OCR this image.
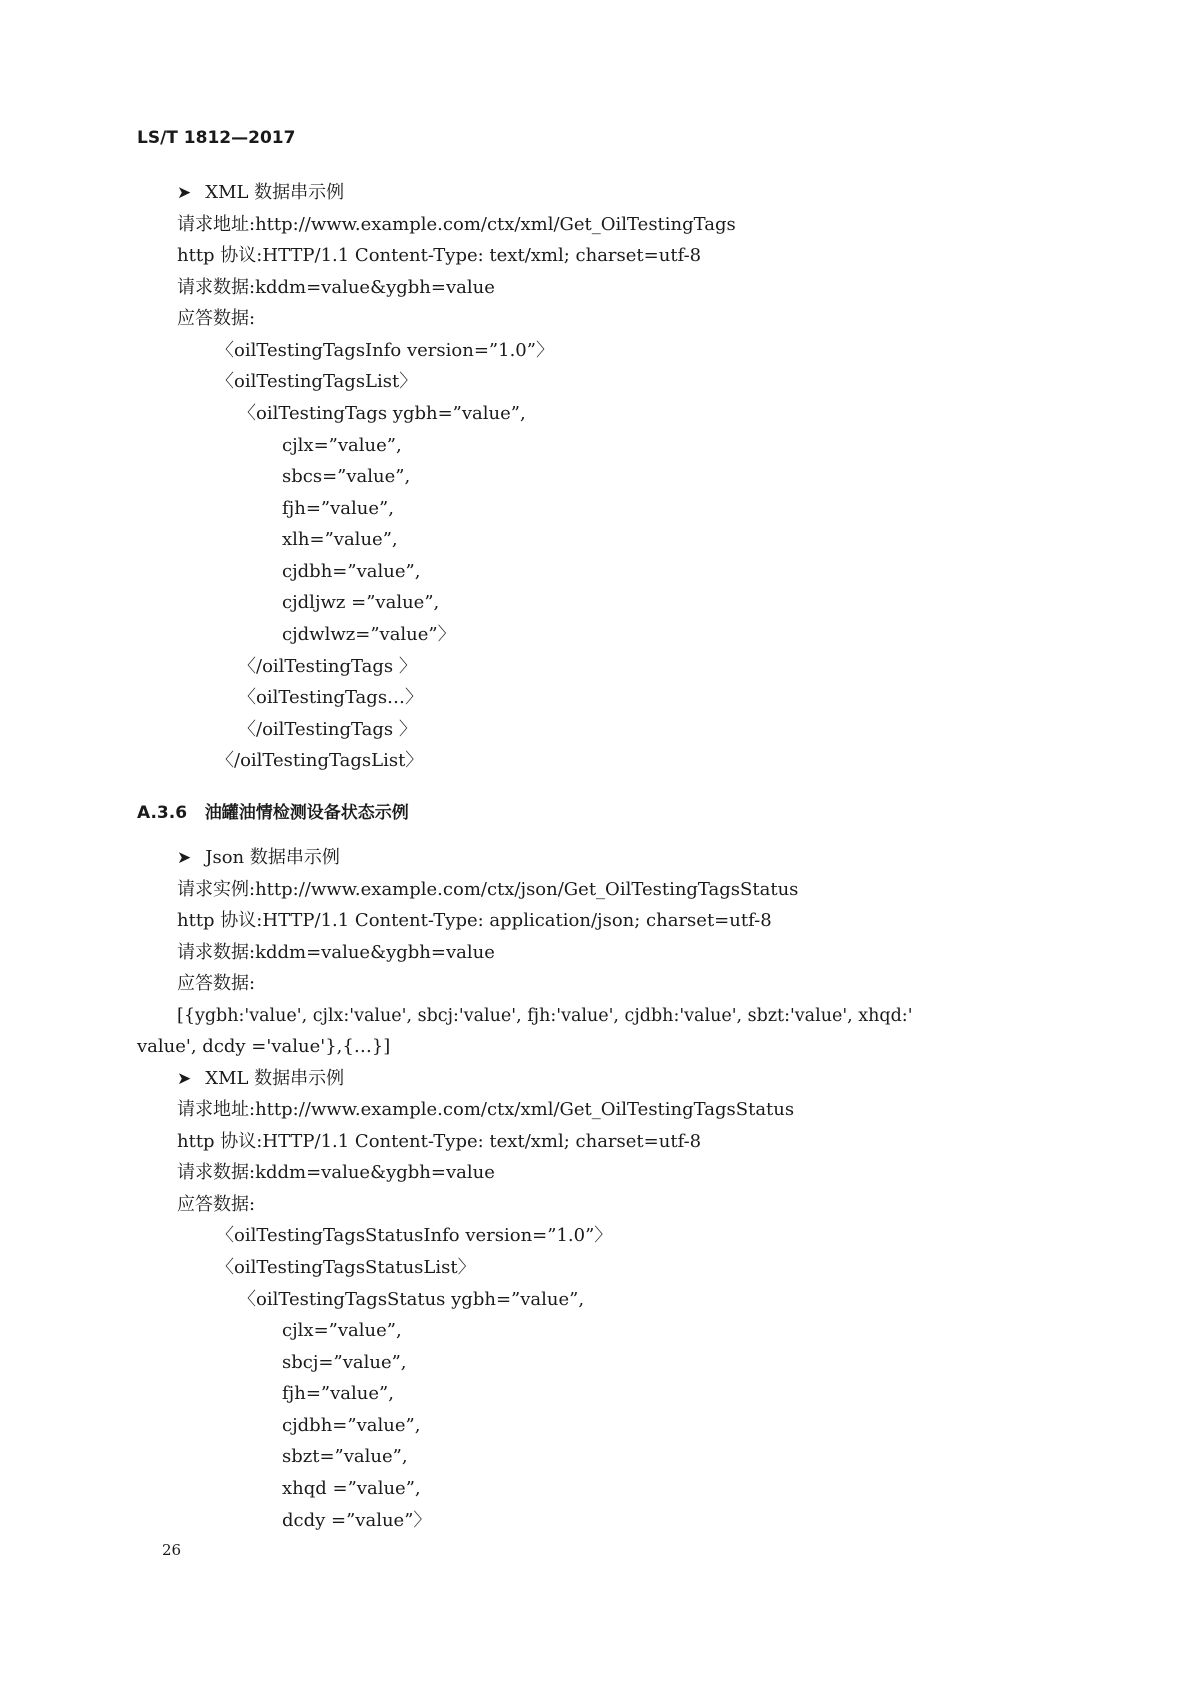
LS/T 1812—2017
➤ XML 数据串示例
请求地址:http://www.example.com/ctx/xml/Get_OilTestingTags
http 协议:HTTP/1.1 Content-Type: text/xml; charset=utf-8
请求数据:kddm=value&ygbh=value
应答数据:
〈oilTestingTagsInfo version=”1.0”〉
〈oilTestingTagsList〉
〈oilTestingTags ygbh=”value”,
cjlx=”value”,
sbcs=”value”,
fjh=”value”,
xlh=”value”,
cjdbh=”value”,
cjdljwz =”value”,
cjdwlwz=”value”〉
〈/oilTestingTags 〉
〈oilTestingTags…〉
〈/oilTestingTags 〉
〈/oilTestingTagsList〉
A.3.6   油罐油情检测设备状态示例
➤ Json 数据串示例
请求实例:http://www.example.com/ctx/json/Get_OilTestingTagsStatus
http 协议:HTTP/1.1 Content-Type: application/json; charset=utf-8
请求数据:kddm=value&ygbh=value
应答数据:
[{ygbh:'value', cjlx:'value', sbcj:'value', fjh:'value', cjdbh:'value', sbzt:'value', xhqd:'
value', dcdy ='value'},{…}]
➤ XML 数据串示例
请求地址:http://www.example.com/ctx/xml/Get_OilTestingTagsStatus
http 协议:HTTP/1.1 Content-Type: text/xml; charset=utf-8
请求数据:kddm=value&ygbh=value
应答数据:
〈oilTestingTagsStatusInfo version=”1.0”〉
〈oilTestingTagsStatusList〉
〈oilTestingTagsStatus ygbh=”value”,
cjlx=”value”,
sbcj=”value”,
fjh=”value”,
cjdbh=”value”,
sbzt=”value”,
xhqd =”value”,
dcdy =”value”〉
26
